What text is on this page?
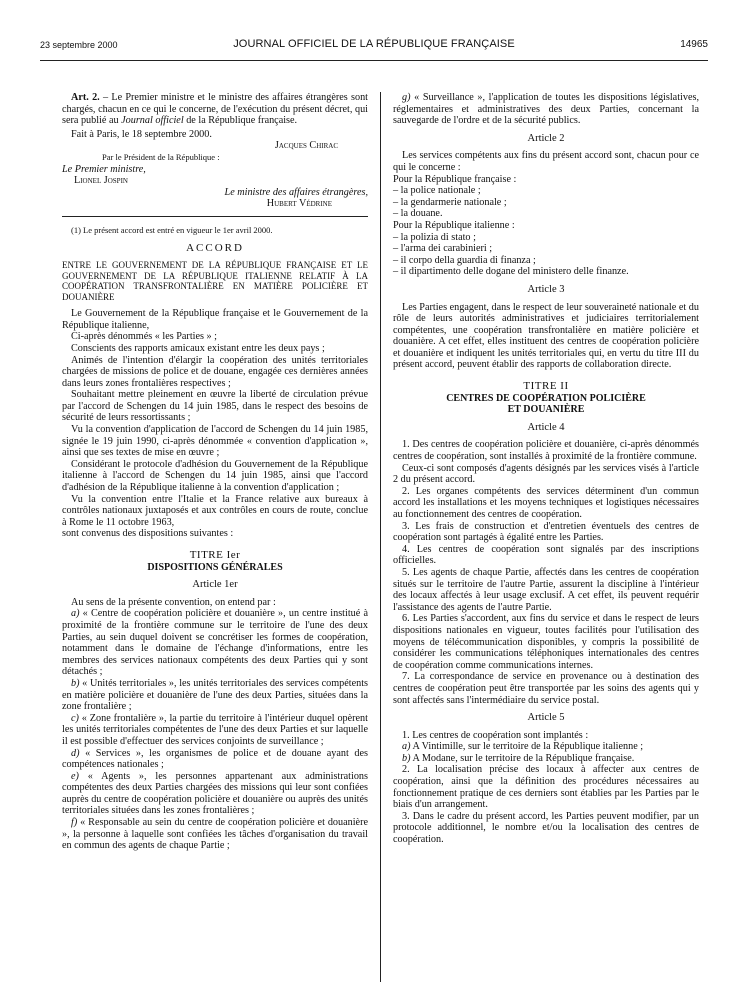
23 septembre 2000	JOURNAL OFFICIEL DE LA RÉPUBLIQUE FRANÇAISE	14965

Art. 2. – Le Premier ministre et le ministre des affaires étrangères sont chargés, chacun en ce qui le concerne, de l'exécution du présent décret, qui sera publié au Journal officiel de la République française.

Fait à Paris, le 18 septembre 2000.

Jacques Chirac

Par le Président de la République :

Le Premier ministre,

Lionel Jospin

Le ministre des affaires étrangères,

Hubert Védrine

(1) Le présent accord est entré en vigueur le 1er avril 2000.

ACCORD

ENTRE LE GOUVERNEMENT DE LA RÉPUBLIQUE FRANÇAISE ET LE GOUVERNEMENT DE LA RÉPUBLIQUE ITALIENNE RELATIF À LA COOPÉRATION TRANSFRONTALIÈRE EN MATIÈRE POLICIÈRE ET DOUANIÈRE

Le Gouvernement de la République française et le Gouvernement de la République italienne,

Ci-après dénommés « les Parties » ;

Conscients des rapports amicaux existant entre les deux pays ;

Animés de l'intention d'élargir la coopération des unités territoriales chargées de missions de police et de douane, engagée ces dernières années dans leurs zones frontalières respectives ;

Souhaitant mettre pleinement en œuvre la liberté de circulation prévue par l'accord de Schengen du 14 juin 1985, dans le respect des besoins de sécurité de leurs ressortissants ;

Vu la convention d'application de l'accord de Schengen du 14 juin 1985, signée le 19 juin 1990, ci-après dénommée « convention d'application », ainsi que ses textes de mise en œuvre ;

Considérant le protocole d'adhésion du Gouvernement de la République italienne à l'accord de Schengen du 14 juin 1985, ainsi que l'accord d'adhésion de la République italienne à la convention d'application ;

Vu la convention entre l'Italie et la France relative aux bureaux à contrôles nationaux juxtaposés et aux contrôles en cours de route, conclue à Rome le 11 octobre 1963,

sont convenus des dispositions suivantes :

TITRE Ier

DISPOSITIONS GÉNÉRALES

Article 1er

Au sens de la présente convention, on entend par :

a) « Centre de coopération policière et douanière », un centre institué à proximité de la frontière commune sur le territoire de l'une des deux Parties, au sein duquel doivent se concrétiser les formes de coopération, notamment dans le domaine de l'échange d'informations, entre les membres des services nationaux compétents des deux Parties qui y sont détachés ;

b) « Unités territoriales », les unités territoriales des services compétents en matière policière et douanière de l'une des deux Parties, situées dans la zone frontalière ;

c) « Zone frontalière », la partie du territoire à l'intérieur duquel opèrent les unités territoriales compétentes de l'une des deux Parties et sur laquelle il est possible d'effectuer des services conjoints de surveillance ;

d) « Services », les organismes de police et de douane ayant des compétences nationales ;

e) « Agents », les personnes appartenant aux administrations compétentes des deux Parties chargées des missions qui leur sont confiées auprès du centre de coopération policière et douanière ou auprès des unités territoriales situées dans les zones frontalières ;

f) « Responsable au sein du centre de coopération policière et douanière », la personne à laquelle sont confiées les tâches d'organisation du travail en commun des agents de chaque Partie ;

g) « Surveillance », l'application de toutes les dispositions législatives, réglementaires et administratives des deux Parties, concernant la sauvegarde de l'ordre et de la sécurité publics.

Article 2

Les services compétents aux fins du présent accord sont, chacun pour ce qui le concerne :

Pour la République française :

– la police nationale ;

– la gendarmerie nationale ;

– la douane.

Pour la République italienne :

– la polizia di stato ;

– l'arma dei carabinieri ;

– il corpo della guardia di finanza ;

– il dipartimento delle dogane del ministero delle finanze.

Article 3

Les Parties engagent, dans le respect de leur souveraineté nationale et du rôle de leurs autorités administratives et judiciaires territorialement compétentes, une coopération transfrontalière en matière policière et douanière. A cet effet, elles instituent des centres de coopération policière et douanière et indiquent les unités territoriales qui, en vertu du titre III du présent accord, peuvent établir des rapports de collaboration directe.

TITRE II

CENTRES DE COOPÉRATION POLICIÈRE

ET DOUANIÈRE

Article 4

1. Des centres de coopération policière et douanière, ci-après dénommés centres de coopération, sont installés à proximité de la frontière commune.

Ceux-ci sont composés d'agents désignés par les services visés à l'article 2 du présent accord.

2. Les organes compétents des services déterminent d'un commun accord les installations et les moyens techniques et logistiques nécessaires au fonctionnement des centres de coopération.

3. Les frais de construction et d'entretien éventuels des centres de coopération sont partagés à égalité entre les Parties.

4. Les centres de coopération sont signalés par des inscriptions officielles.

5. Les agents de chaque Partie, affectés dans les centres de coopération situés sur le territoire de l'autre Partie, assurent la discipline à l'intérieur des locaux affectés à leur usage exclusif. A cet effet, ils peuvent requérir l'assistance des agents de l'autre Partie.

6. Les Parties s'accordent, aux fins du service et dans le respect de leurs dispositions nationales en vigueur, toutes facilités pour l'utilisation des moyens de télécommunication disponibles, y compris la possibilité de considérer les communications téléphoniques internationales des centres de coopération comme communications internes.

7. La correspondance de service en provenance ou à destination des centres de coopération peut être transportée par les soins des agents qui y sont affectés sans l'intermédiaire du service postal.

Article 5

1. Les centres de coopération sont implantés :

a) A Vintimille, sur le territoire de la République italienne ;

b) A Modane, sur le territoire de la République française.

2. La localisation précise des locaux à affecter aux centres de coopération, ainsi que la définition des procédures nécessaires au fonctionnement pratique de ces derniers sont établies par les Parties par le biais d'un arrangement.

3. Dans le cadre du présent accord, les Parties peuvent modifier, par un protocole additionnel, le nombre et/ou la localisation des centres de coopération.
